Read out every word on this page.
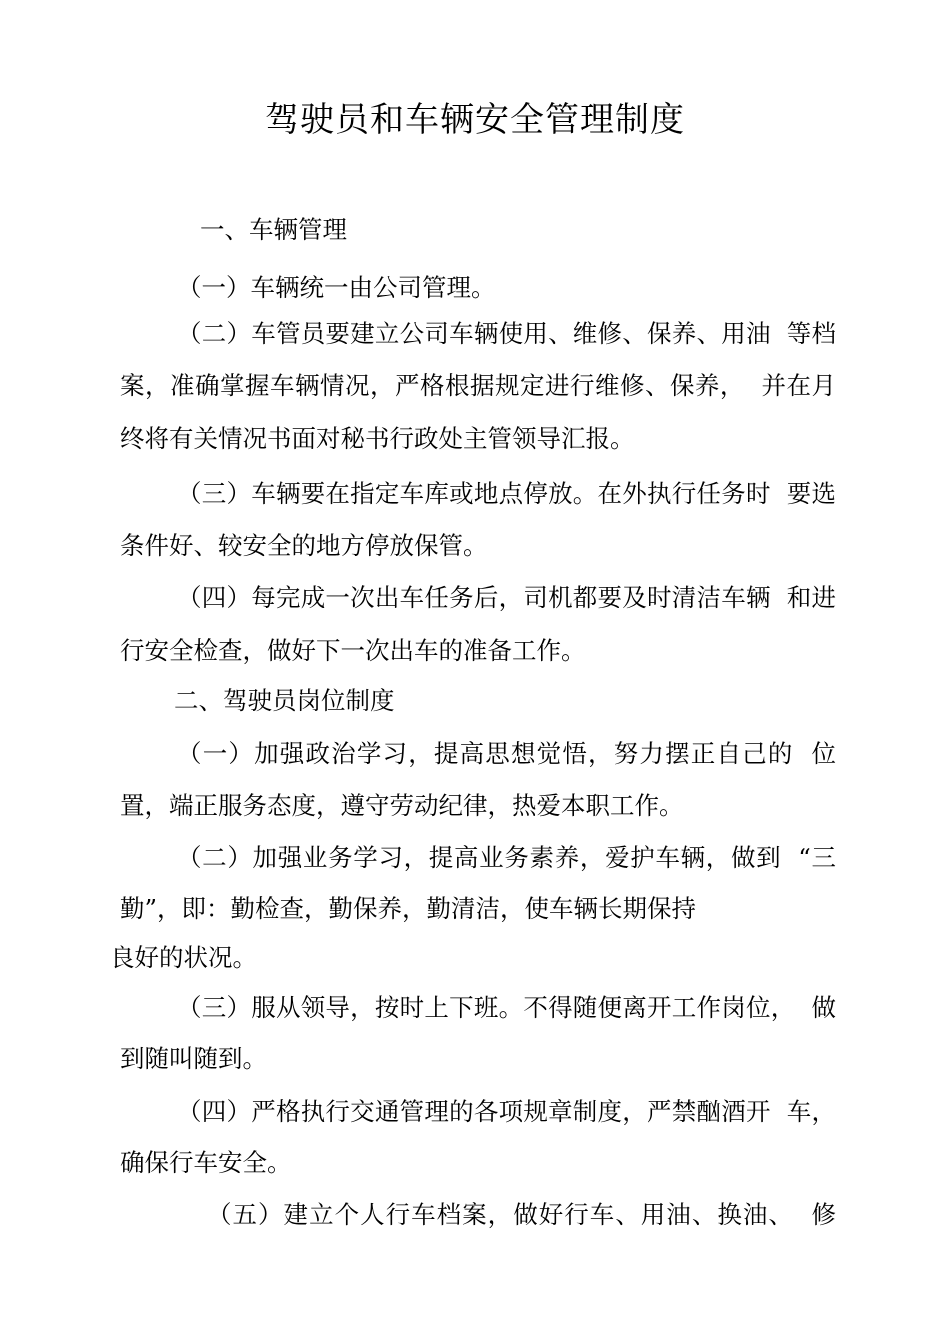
驾驶员和车辆安全管理制度
一、车辆管理
（一）车辆统一由公司管理。
（二）车管员要建立公司车辆使用、维修、保养、用油  等档
案，准确掌握车辆情况，严格根据规定进行维修、保养，  并在月
终将有关情况书面对秘书行政处主管领导汇报。
（三）车辆要在指定车库或地点停放。在外执行任务时  要选
条件好、较安全的地方停放保管。
（四）每完成一次出车任务后，司机都要及时清洁车辆  和进
行安全检查，做好下一次出车的准备工作。
二、驾驶员岗位制度
（一）加强政治学习，提高思想觉悟，努力摆正自己的  位
置，端正服务态度，遵守劳动纪律，热爱本职工作。
（二）加强业务学习，提高业务素养，爱护车辆，做到  “三
勤”，即：勤检查，勤保养，勤清洁，使车辆长期保持
良好的状况。
（三）服从领导，按时上下班。不得随便离开工作岗位，  做
到随叫随到。
（四）严格执行交通管理的各项规章制度，严禁酗酒开  车，
确保行车安全。
（五）建立个人行车档案，做好行车、用油、换油、  修
